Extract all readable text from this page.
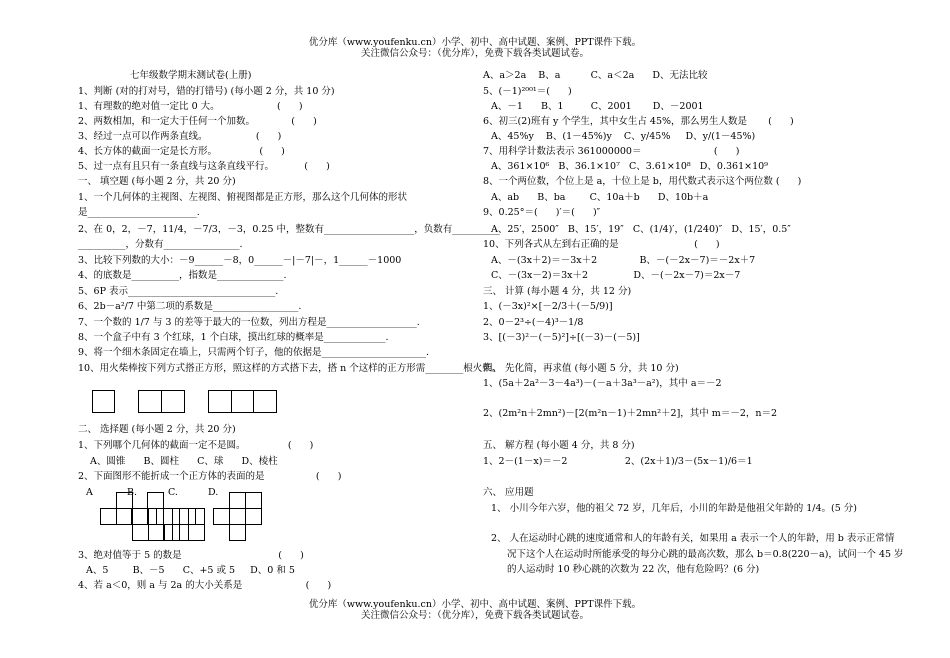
优分库（www.youfenku.cn）小学、初中、高中试题、案例、PPT课件下载。
关注微信公众号：（优分库），免费下载各类试题试卷。
七年级数学期末测试卷(上册)
1、判断 (对的打对号，错的打错号) (每小题 2 分，共 10 分)
1、有理数的绝对值一定比 0 大。                   (      )
2、两数相加，和一定大于任何一个加数。            (      )
3、经过一点可以作两条直线。                (      )
4、长方体的截面一定是长方形。              (      )
5、过一点有且只有一条直线与这条直线平行。          (      )
一、 填空题 (每小题 2 分，共 20 分)
1、一个几何体的主视图、左视图、俯视图都是正方形，那么这个几何体的形状
是_______________________.
2、在 0，2，－7，11/4，－7/3，－3，0.25 中，整数有___________________，负数有__________
__________，分数有________________.
3、比较下列数的大小：－9______－8，0______－|－7|－，1______－1000
4、的底数是__________，指数是______________.
5、6P 表示_______________________________.
6、2b－a²/7 中第二项的系数是__________________.
7、一个数的 1/7 与 3 的差等于最大的一位数，列出方程是___________________.
8、一个盒子中有 3 个红球，1 个白球，摸出红球的概率是_____________.
9、将一个细木条固定在墙上，只需两个钉子，他的依据是______________________.
10、用火柴棒按下列方式搭正方形，照这样的方式搭下去，搭 n 个这样的正方形需________根火柴。
二、 选择题 (每小题 2 分，共 20 分)
1、下列哪个几何体的截面一定不是圆。              (      )
A、圆锥      B、圆柱      C、球      D、棱柱
2、下面图形不能折成一个正方体的表面的是                 (      )
A	B.	C.	D.
3、绝对值等于 5 的数是                                (      )
A、5        B、－5      C、+5 或 5     D、0 和 5
4、若 a＜0，则 a 与 2a 的大小关系是                     (      )
A、a＞2a    B、a          C、a＜2a      D、无法比较
5、(－1)²⁰⁰¹＝(      )
A、－1      B、1         C、2001       D、－2001
6、初三(2)班有 y 个学生，其中女生占 45%，那么男生人数是       (      )
A、45%y    B、(1－45%)y    C、y/45%     D、y/(1－45%)
7、用科学计数法表示 361000000＝                        (      )
A、361×10⁶   B、36.1×10⁷   C、3.61×10⁸   D、0.361×10⁹
8、一个两位数，个位上是 a，十位上是 b，用代数式表示这个两位数 (      )
A、ab      B、ba        C、10a＋b      D、10b＋a
9、0.25°＝(      )′＝(      )″
A、25′，2500″   B、15′，19″   C、(1/4)′，(1/240)″   D、15′，0.5″
10、下列各式从左到右正确的是                         (      )
A、－(3x＋2)＝－3x＋2              B、－(－2x－7)＝－2x＋7
C、－(3x－2)＝3x＋2               D、－(－2x－7)＝2x－7
三、 计算 (每小题 4 分，共 12 分)
1、(－3x)²×[－2/3＋(－5/9)]
2、0－2³÷(－4)³－1/8
3、[(－3)²－(－5)²]÷[(－3)－(－5)]
四、 先化简，再求值 (每小题 5 分，共 10 分)
1、(5a＋2a²－3－4a³)－(－a＋3a³－a²)，其中 a＝－2
2、(2m²n＋2mn²)－[2(m²n－1)＋2mn²＋2]，其中 m＝－2，n＝2
五、 解方程 (每小题 4 分，共 8 分)
1、2－(1－x)＝－2                   2、(2x＋1)/3－(5x－1)/6＝1
六、 应用题
1、 小川今年六岁，他的祖父 72 岁，几年后，小川的年龄是他祖父年龄的 1/4。(5 分)
2、 人在运动时心跳的速度通常和人的年龄有关，如果用 a 表示一个人的年龄，用 b 表示正常情
况下这个人在运动时所能承受的每分心跳的最高次数，那么 b＝0.8(220－a)，试问一个 45 岁
的人运动时 10 秒心跳的次数为 22 次，他有危险吗？(6 分)
优分库（www.youfenku.cn）小学、初中、高中试题、案例、PPT课件下载。
关注微信公众号：（优分库），免费下载各类试题试卷。
